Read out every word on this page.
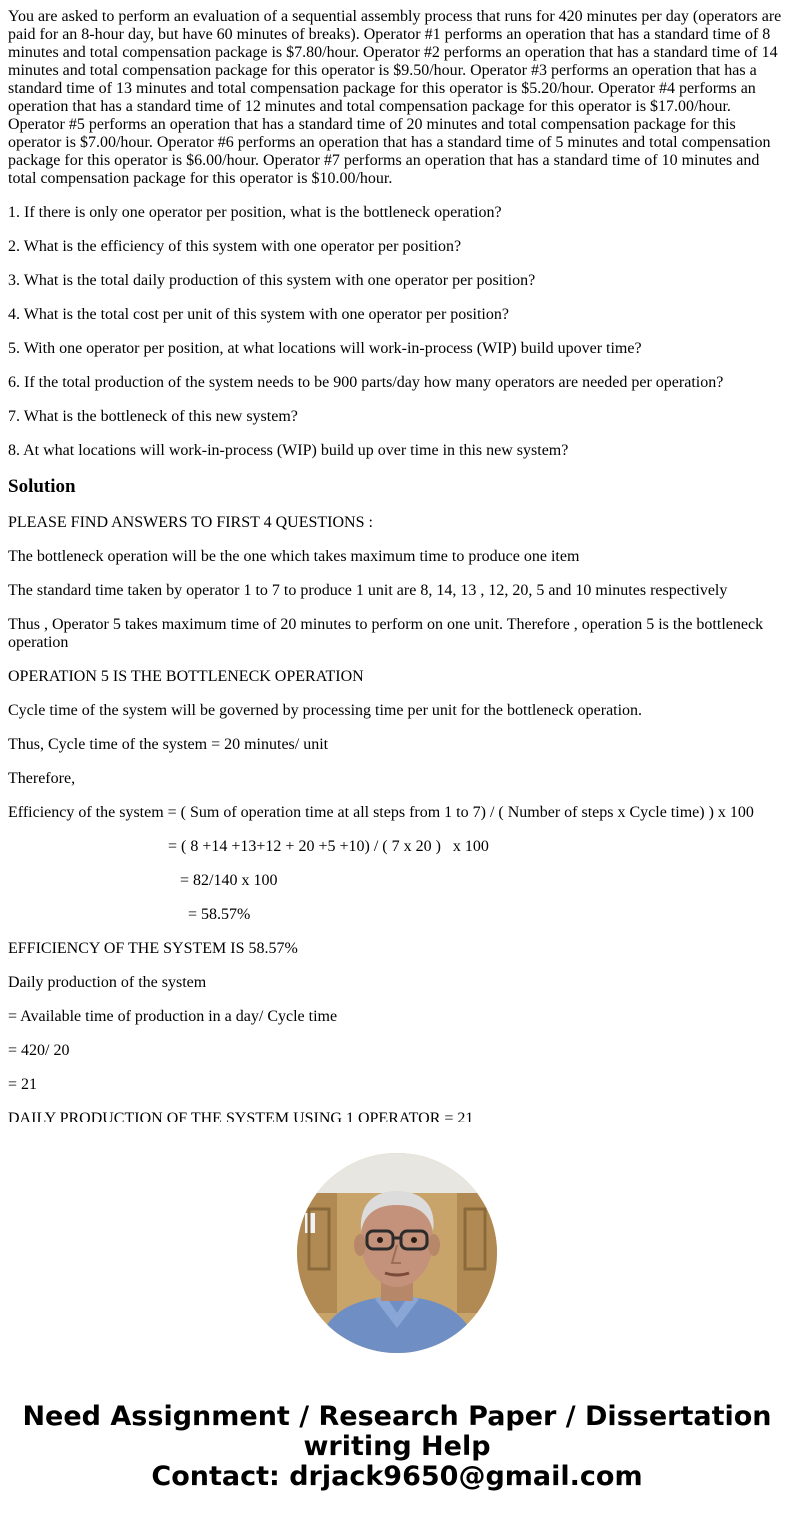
You are asked to perform an evaluation of a sequential assembly process that runs for 420 minutes per day (operators are paid for an 8-hour day, but have 60 minutes of breaks). Operator #1 performs an operation that has a standard time of 8 minutes and total compensation package is $7.80/hour. Operator #2 performs an operation that has a standard time of 14 minutes and total compensation package for this operator is $9.50/hour. Operator #3 performs an operation that has a standard time of 13 minutes and total compensation package for this operator is $5.20/hour. Operator #4 performs an operation that has a standard time of 12 minutes and total compensation package for this operator is $17.00/hour. Operator #5 performs an operation that has a standard time of 20 minutes and total compensation package for this operator is $7.00/hour. Operator #6 performs an operation that has a standard time of 5 minutes and total compensation package for this operator is $6.00/hour. Operator #7 performs an operation that has a standard time of 10 minutes and total compensation package for this operator is $10.00/hour.

1. If there is only one operator per position, what is the bottleneck operation?

2. What is the efficiency of this system with one operator per position?

3. What is the total daily production of this system with one operator per position?

4. What is the total cost per unit of this system with one operator per position?

5. With one operator per position, at what locations will work-in-process (WIP) build upover time?

6. If the total production of the system needs to be 900 parts/day how many operators are needed per operation?

7. What is the bottleneck of this new system?

8. At what locations will work-in-process (WIP) build up over time in this new system?

Solution

PLEASE FIND ANSWERS TO FIRST 4 QUESTIONS :

The bottleneck operation will be the one which takes maximum time to produce one item

The standard time taken by operator 1 to 7 to produce 1 unit are 8, 14, 13 , 12, 20, 5 and 10 minutes respectively

Thus , Operator 5 takes maximum time of 20 minutes to perform on one unit. Therefore , operation 5 is the bottleneck operation

OPERATION 5 IS THE BOTTLENECK OPERATION

Cycle time of the system will be governed by processing time per unit for the bottleneck operation.

Thus, Cycle time of the system = 20 minutes/ unit

Therefore,

Efficiency of the system = ( Sum of operation time at all steps from 1 to 7) / ( Number of steps x Cycle time) ) x 100

= ( 8 +14 +13+12 + 20 +5 +10) / ( 7 x 20 )   x 100

= 82/140 x 100

= 58.57%

EFFICIENCY OF THE SYSTEM IS 58.57%

Daily production of the system

= Available time of production in a day/ Cycle time

= 420/ 20

= 21

DAILY PRODUCTION OF THE SYSTEM USING 1 OPERATOR = 21

Need Assignment / Research Paper / Dissertation
writing Help
Contact: drjack9650@gmail.com
